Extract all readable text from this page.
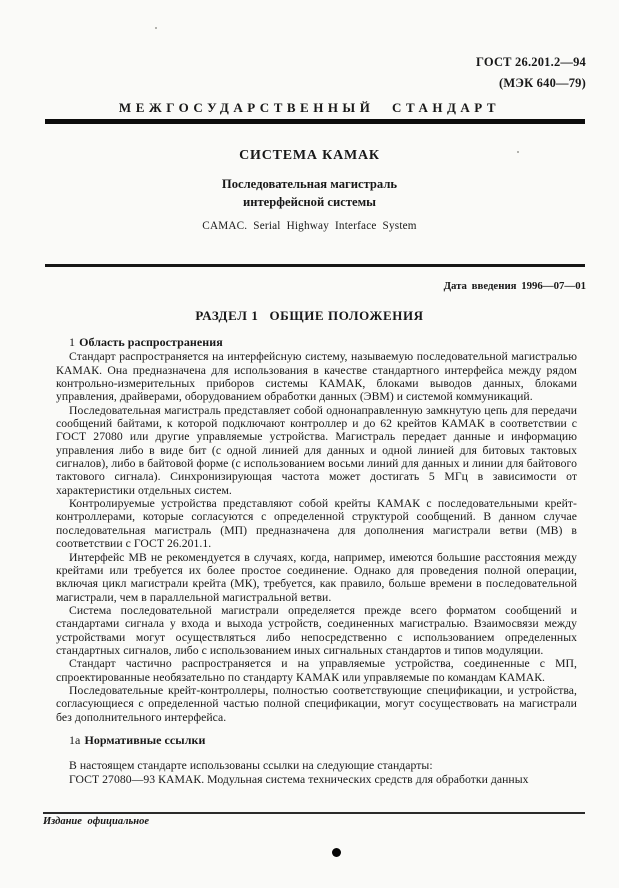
ГОСТ 26.201.2—94
(МЭК 640—79)
МЕЖГОСУДАРСТВЕННЫЙ СТАНДАРТ
СИСТЕМА КАМАК
Последовательная магистраль
интерфейсной системы
CAMAC. Serial Highway Interface System
Дата введения 1996—07—01
РАЗДЕЛ 1 ОБЩИЕ ПОЛОЖЕНИЯ
1 Область распространения

Стандарт распространяется на интерфейсную систему, называемую последовательной магистралью КАМАК. Она предназначена для использования в качестве стандартного интерфейса между рядом контрольно-измерительных приборов системы КАМАК, блоками выводов данных, блоками управления, драйверами, оборудованием обработки данных (ЭВМ) и системой коммуникаций.

Последовательная магистраль представляет собой однонаправленную замкнутую цепь для передачи сообщений байтами, к которой подключают контроллер и до 62 крейтов КАМАК в соответствии с ГОСТ 27080 или другие управляемые устройства. Магистраль передает данные и информацию управления либо в виде бит (с одной линией для данных и одной линией для битовых тактовых сигналов), либо в байтовой форме (с использованием восьми линий для данных и линии для байтового тактового сигнала). Синхронизирующая частота может достигать 5 МГц в зависимости от характеристики отдельных систем.

Контролируемые устройства представляют собой крейты КАМАК с последовательными крейт-контроллерами, которые согласуются с определенной структурой сообщений. В данном случае последовательная магистраль (МП) предназначена для дополнения магистрали ветви (МВ) в соответствии с ГОСТ 26.201.1.

Интерфейс МВ не рекомендуется в случаях, когда, например, имеются большие расстояния между крейтами или требуется их более простое соединение. Однако для проведения полной операции, включая цикл магистрали крейта (МК), требуется, как правило, больше времени в последовательной магистрали, чем в параллельной магистральной ветви.

Система последовательной магистрали определяется прежде всего форматом сообщений и стандартами сигнала у входа и выхода устройств, соединенных магистралью. Взаимосвязи между устройствами могут осуществляться либо непосредственно с использованием определенных стандартных сигналов, либо с использованием иных сигнальных стандартов и типов модуляции.

Стандарт частично распространяется и на управляемые устройства, соединенные с МП, спроектированные необязательно по стандарту КАМАК или управляемые по командам КАМАК.

Последовательные крейт-контроллеры, полностью соответствующие спецификации, и устройства, согласующиеся с определенной частью полной спецификации, могут сосуществовать на магистрали без дополнительного интерфейса.

1а Нормативные ссылки

В настоящем стандарте использованы ссылки на следующие стандарты:

ГОСТ 27080—93 КАМАК. Модульная система технических средств для обработки данных

Издание официальное
